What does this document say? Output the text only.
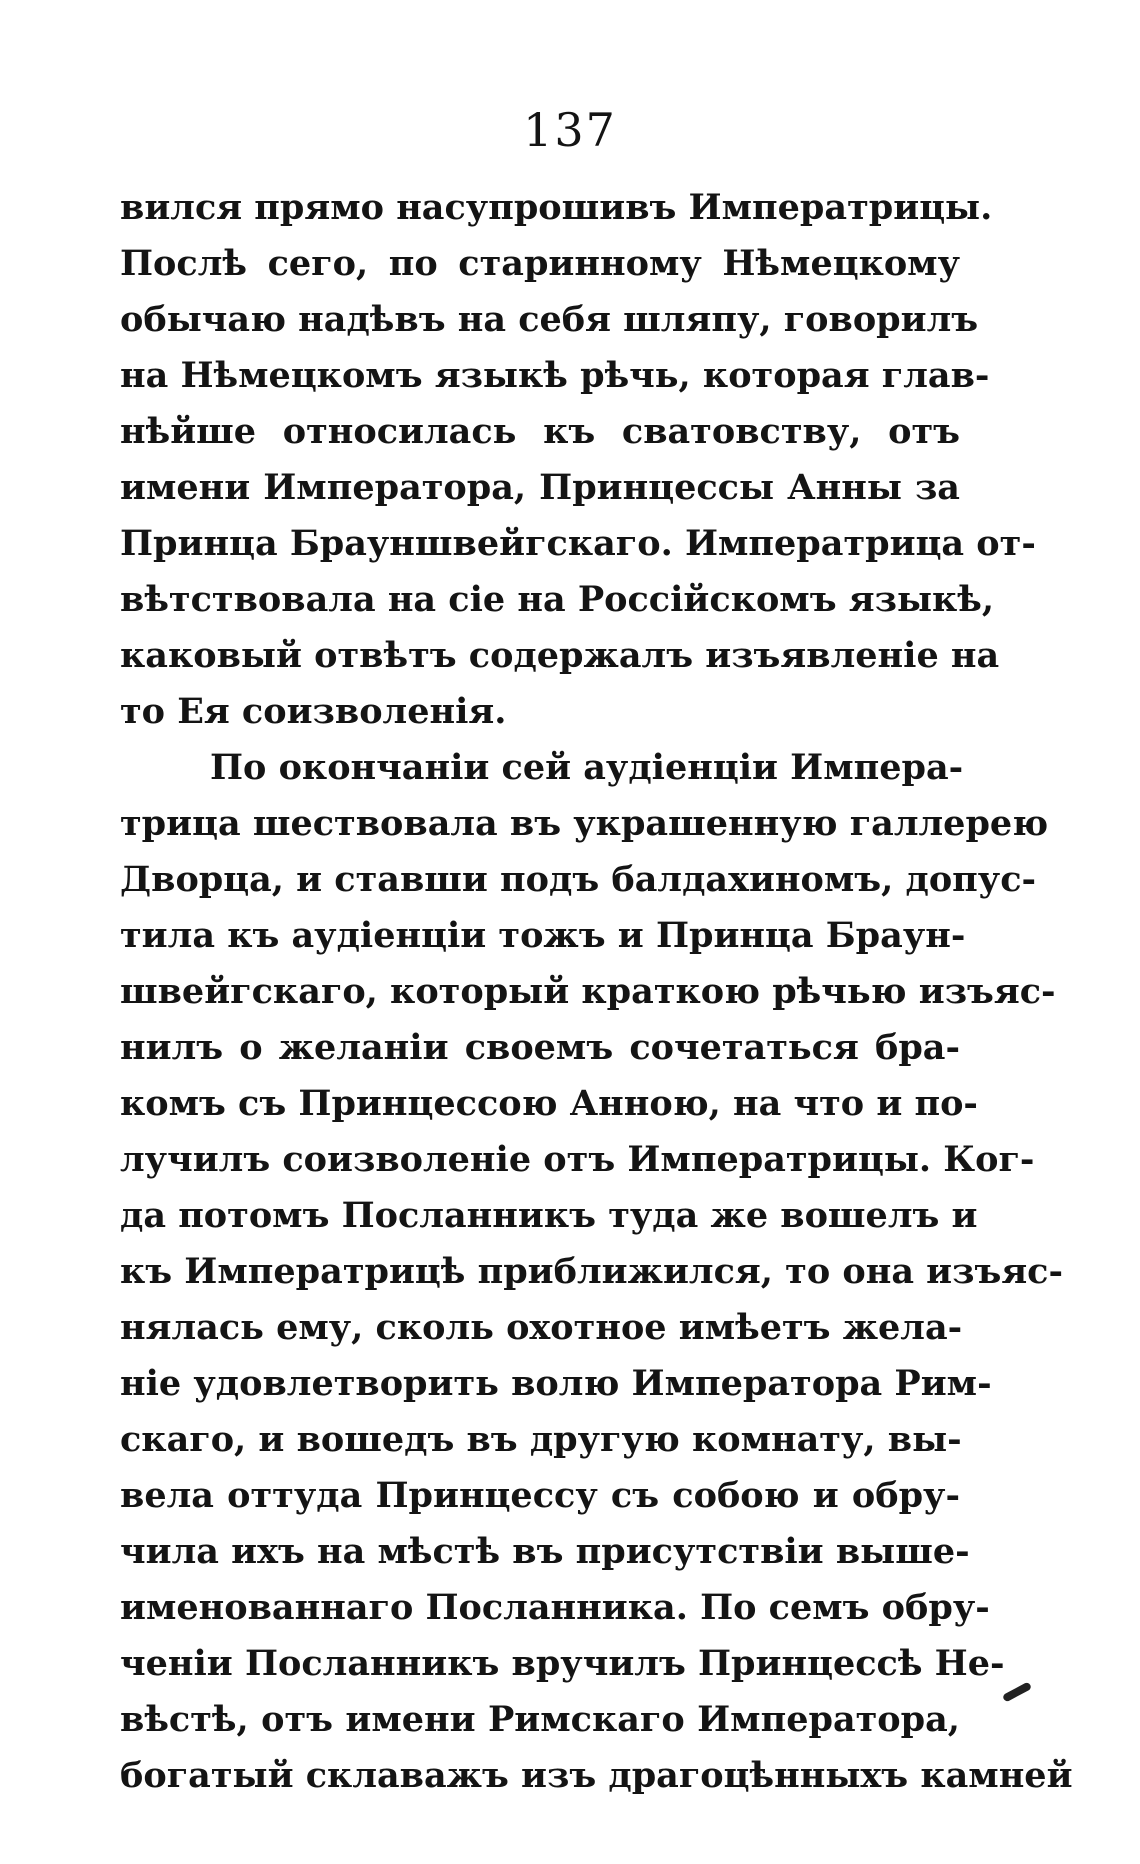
137
вился прямо насупрошивъ Императрицы.
Послѣ сего, по старинному Нѣмецкому
обычаю надѣвъ на себя шляпу, говорилъ
на Нѣмецкомъ языкѣ рѣчь, которая глав-
нѣйше относилась къ сватовству, отъ
имени Императора, Принцессы Анны за
Принца Брауншвейгскаго. Императрица от-
вѣтствовала на сіе на Россійскомъ языкѣ,
каковый отвѣтъ содержалъ изъявленіе на
то Ея соизволенія.
По окончаніи сей аудіенціи Импера-
трица шествовала въ украшенную галлерею
Дворца, и ставши подъ балдахиномъ, допус-
тила къ аудіенціи тожъ и Принца Браун-
швейгскаго, который краткою рѣчью изъяс-
нилъ о желаніи своемъ сочетаться бра-
комъ съ Принцессою Анною, на что и по-
лучилъ соизволеніе отъ Императрицы. Ког-
да потомъ Посланникъ туда же вошелъ и
къ Императрицѣ приближился, то она изъяс-
нялась ему, сколь охотное имѣетъ жела-
ніе удовлетворить волю Императора Рим-
скаго, и вошедъ въ другую комнату, вы-
вела оттуда Принцессу съ собою и обру-
чила ихъ на мѣстѣ въ присутствіи выше-
именованнаго Посланника. По семъ обру-
ченіи Посланникъ вручилъ Принцессѣ Не-
вѣстѣ, отъ имени Римскаго Императора,
богатый склаважъ изъ драгоцѣнныхъ камней
